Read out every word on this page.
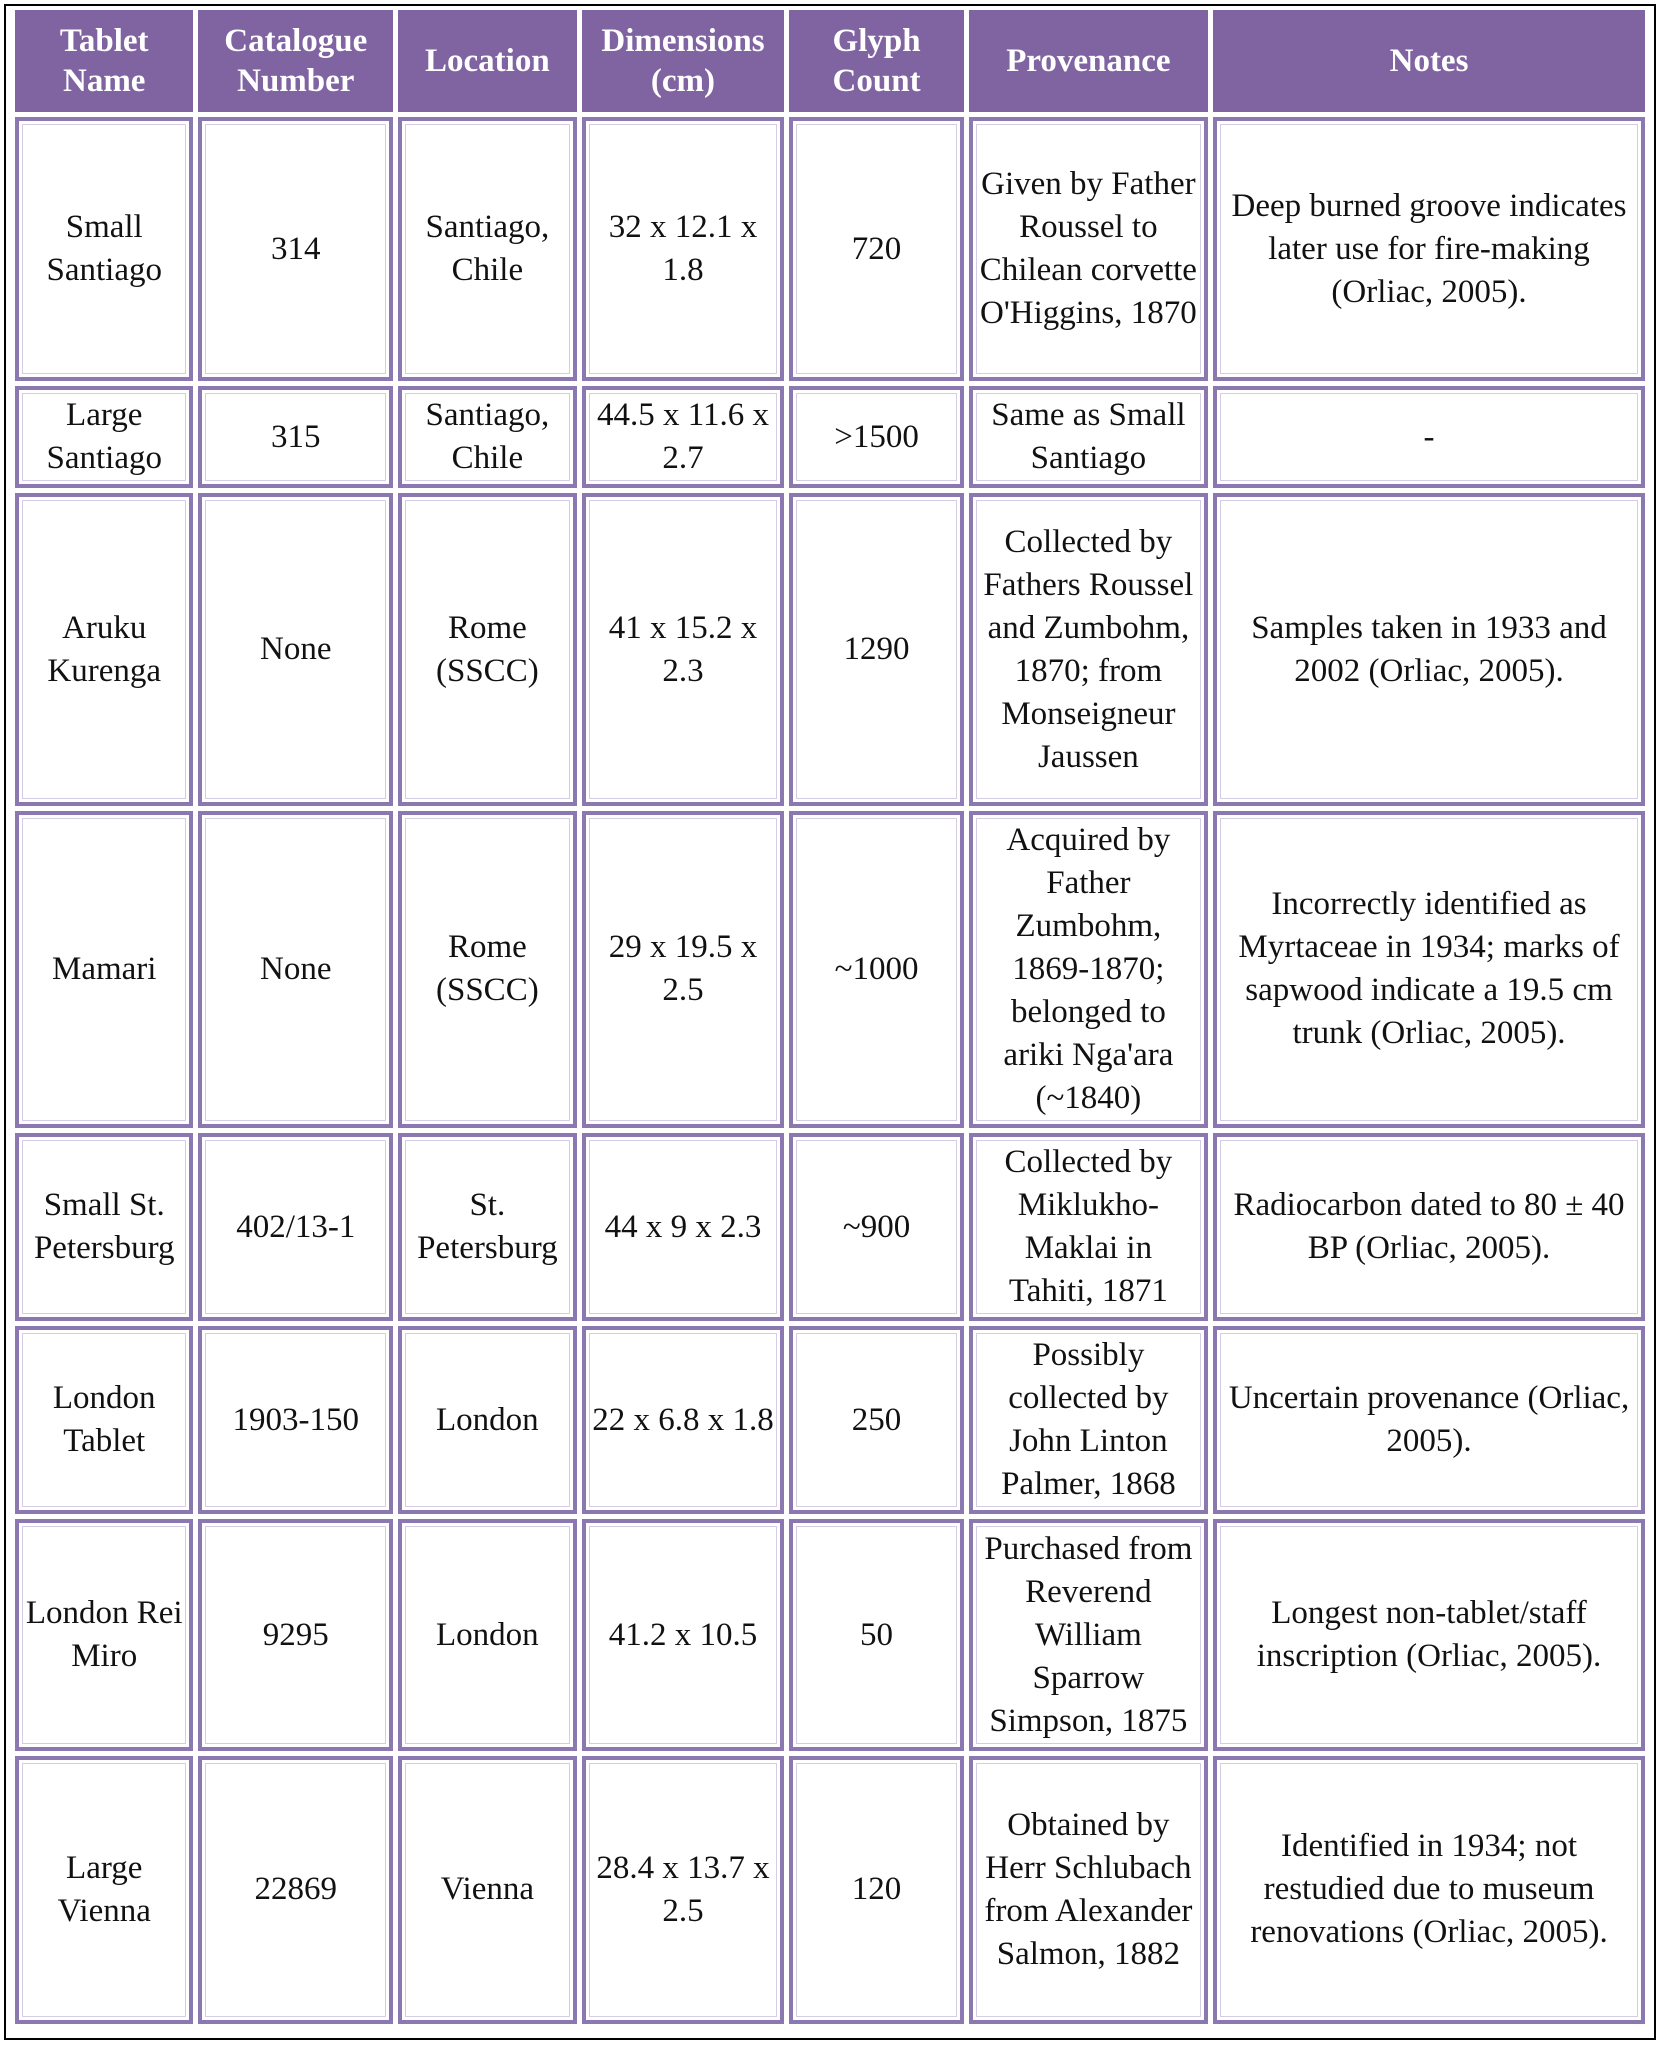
Tablet Name	Catalogue Number	Location	Dimensions (cm)	Glyph Count	Provenance	Notes
Small Santiago	314	Santiago, Chile	32 x 12.1 x 1.8	720	Given by Father Roussel to Chilean corvette O'Higgins, 1870	Deep burned groove indicates later use for fire-making (Orliac, 2005).
Large Santiago	315	Santiago, Chile	44.5 x 11.6 x 2.7	>1500	Same as Small Santiago	-
Aruku Kurenga	None	Rome (SSCC)	41 x 15.2 x 2.3	1290	Collected by Fathers Roussel and Zumbohm, 1870; from Monseigneur Jaussen	Samples taken in 1933 and 2002 (Orliac, 2005).
Mamari	None	Rome (SSCC)	29 x 19.5 x 2.5	~1000	Acquired by Father Zumbohm, 1869-1870; belonged to ariki Nga'ara (~1840)	Incorrectly identified as Myrtaceae in 1934; marks of sapwood indicate a 19.5 cm trunk (Orliac, 2005).
Small St. Petersburg	402/13-1	St. Petersburg	44 x 9 x 2.3	~900	Collected by Miklukho-Maklai in Tahiti, 1871	Radiocarbon dated to 80 ± 40 BP (Orliac, 2005).
London Tablet	1903-150	London	22 x 6.8 x 1.8	250	Possibly collected by John Linton Palmer, 1868	Uncertain provenance (Orliac, 2005).
London Rei Miro	9295	London	41.2 x 10.5	50	Purchased from Reverend William Sparrow Simpson, 1875	Longest non-tablet/staff inscription (Orliac, 2005).
Large Vienna	22869	Vienna	28.4 x 13.7 x 2.5	120	Obtained by Herr Schlubach from Alexander Salmon, 1882	Identified in 1934; not restudied due to museum renovations (Orliac, 2005).
